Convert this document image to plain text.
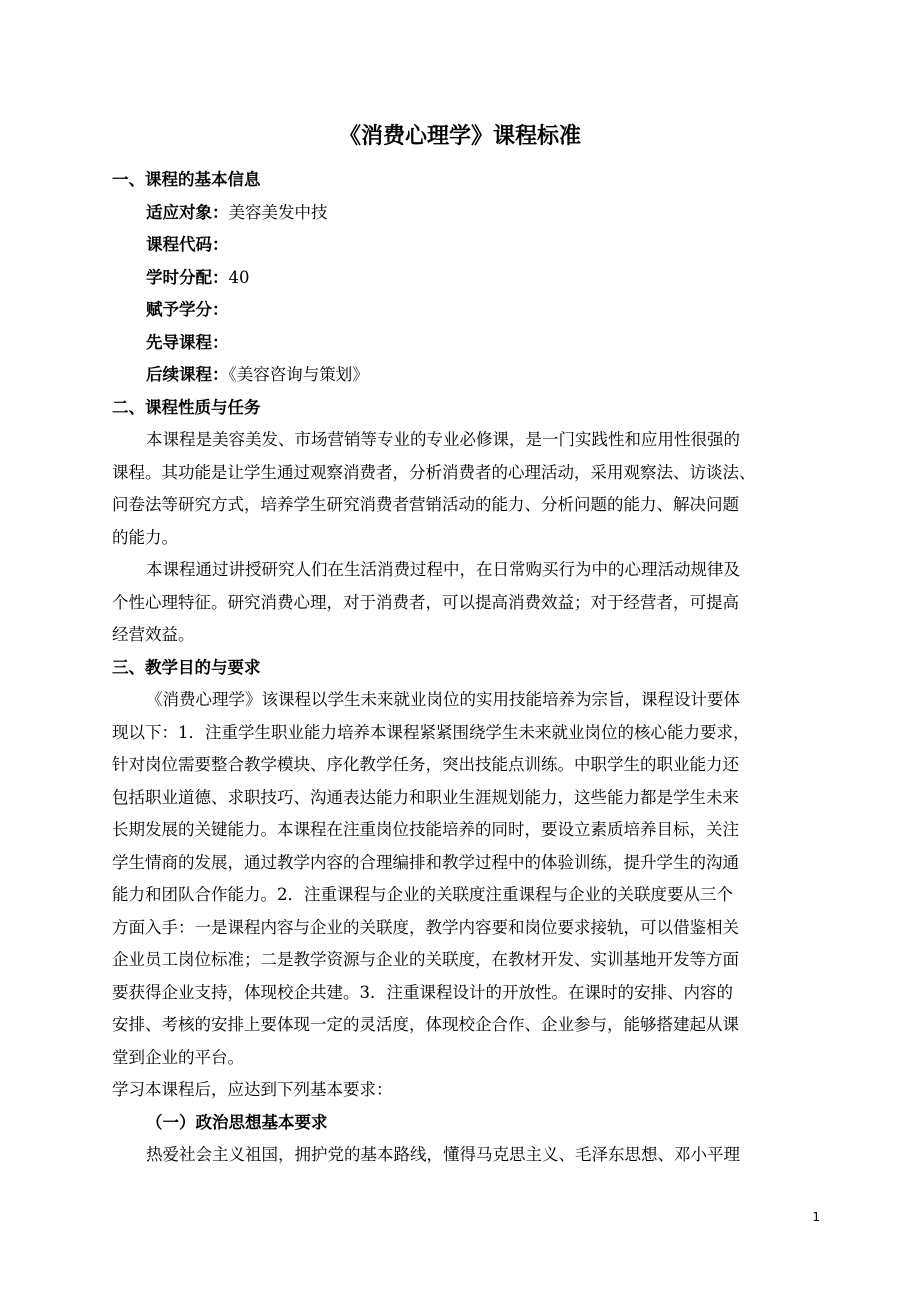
《消费心理学》课程标准
一、课程的基本信息
适应对象：美容美发中技
课程代码：
学时分配：40
赋予学分：
先导课程：
后续课程：《美容咨询与策划》
二、课程性质与任务
本课程是美容美发、市场营销等专业的专业必修课，是一门实践性和应用性很强的
课程。其功能是让学生通过观察消费者，分析消费者的心理活动，采用观察法、访谈法、
问卷法等研究方式，培养学生研究消费者营销活动的能力、分析问题的能力、解决问题
的能力。
本课程通过讲授研究人们在生活消费过程中，在日常购买行为中的心理活动规律及
个性心理特征。研究消费心理，对于消费者，可以提高消费效益；对于经营者，可提高
经营效益。
三、教学目的与要求
《消费心理学》该课程以学生未来就业岗位的实用技能培养为宗旨，课程设计要体
现以下：1．注重学生职业能力培养本课程紧紧围绕学生未来就业岗位的核心能力要求，
针对岗位需要整合教学模块、序化教学任务，突出技能点训练。中职学生的职业能力还
包括职业道德、求职技巧、沟通表达能力和职业生涯规划能力，这些能力都是学生未来
长期发展的关键能力。本课程在注重岗位技能培养的同时，要设立素质培养目标，关注
学生情商的发展，通过教学内容的合理编排和教学过程中的体验训练，提升学生的沟通
能力和团队合作能力。2．注重课程与企业的关联度注重课程与企业的关联度要从三个
方面入手：一是课程内容与企业的关联度，教学内容要和岗位要求接轨，可以借鉴相关
企业员工岗位标准；二是教学资源与企业的关联度，在教材开发、实训基地开发等方面
要获得企业支持，体现校企共建。3．注重课程设计的开放性。在课时的安排、内容的
安排、考核的安排上要体现一定的灵活度，体现校企合作、企业参与，能够搭建起从课
堂到企业的平台。
学习本课程后，应达到下列基本要求：
（一）政治思想基本要求
热爱社会主义祖国，拥护党的基本路线，懂得马克思主义、毛泽东思想、邓小平理
1
